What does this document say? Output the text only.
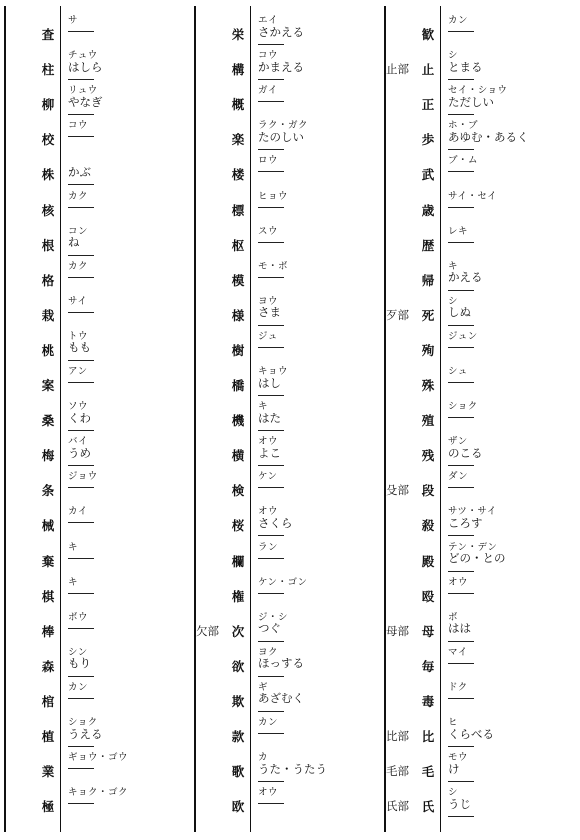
査
サ
柱
チュウ
はしら
柳
リュウ
やなぎ
校
コウ
株
かぶ
核
カク
根
コン
ね
格
カク
栽
サイ
桃
トウ
もも
案
アン
桑
ソウ
くわ
梅
バイ
うめ
条
ジョウ
械
カイ
棄
キ
棋
キ
棒
ボウ
森
シン
もり
棺
カン
植
ショク
うえる
業
ギョウ・ゴウ
極
キョク・ゴク
栄
エイ
さかえる
構
コウ
かまえる
概
ガイ
楽
ラク・ガク
たのしい
楼
ロウ
標
ヒョウ
枢
スウ
模
モ・ボ
様
ヨウ
さま
樹
ジュ
橋
キョウ
はし
機
キ
はた
横
オウ
よこ
検
ケン
桜
オウ
さくら
欄
ラン
権
ケン・ゴン
欠部 次
ジ・シ
つぐ
欲
ヨク
ほっする
欺
ギ
あざむく
款
カン
歌
カ
うた・うたう
欧
オウ
歓
カン
止部 止
シ
とまる
正
セイ・ショウ
ただしい
歩
ホ・ブ
あゆむ・あるく
武
ブ・ム
歳
サイ・セイ
歴
レキ
帰
キ
かえる
歹部 死
シ
しぬ
殉
ジュン
殊
シュ
殖
ショク
残
ザン
のこる
殳部 段
ダン
殺
サツ・サイ
ころす
殿
テン・デン
どの・との
殴
オウ
母部 母
ボ
はは
毎
マイ
毒
ドク
比部 比
ヒ
くらべる
毛部 毛
モウ
け
氏部 氏
シ
うじ
